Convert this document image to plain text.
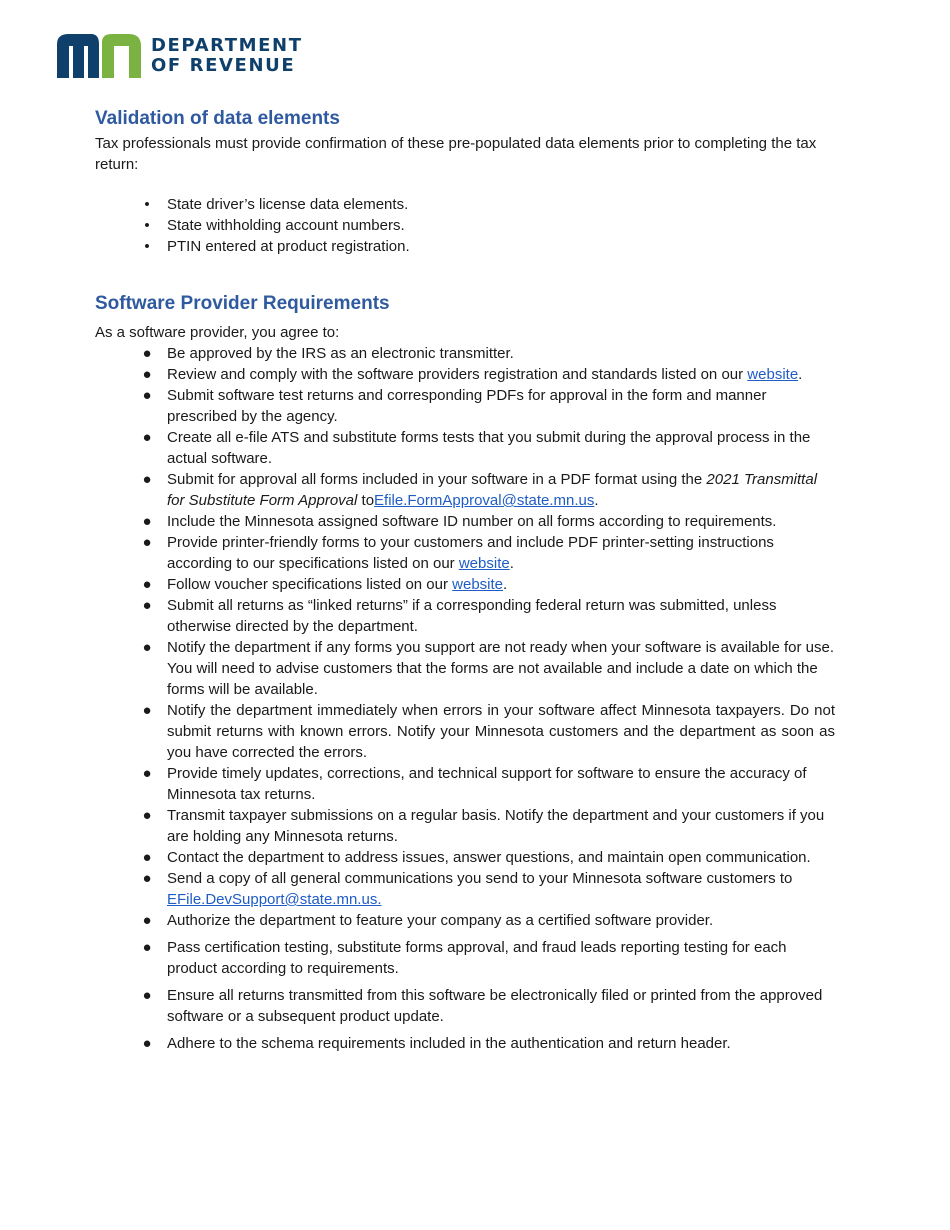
DEPARTMENT
OF REVENUE
Validation of data elements

Tax professionals must provide confirmation of these pre-populated data elements prior to completing the tax return:

• State driver’s license data elements.
• State withholding account numbers.
• PTIN entered at product registration.
Software Provider Requirements

As a software provider, you agree to:

● Be approved by the IRS as an electronic transmitter.
● Review and comply with the software providers registration and standards listed on our website.
● Submit software test returns and corresponding PDFs for approval in the form and manner prescribed by the agency.
● Create all e-file ATS and substitute forms tests that you submit during the approval process in the actual software.
● Submit for approval all forms included in your software in a PDF format using the 2021 Transmittal for Substitute Form Approval toEfile.FormApproval@state.mn.us.
● Include the Minnesota assigned software ID number on all forms according to requirements.
● Provide printer-friendly forms to your customers and include PDF printer-setting instructions according to our specifications listed on our website.
● Follow voucher specifications listed on our website.
● Submit all returns as “linked returns” if a corresponding federal return was submitted, unless otherwise directed by the department.
● Notify the department if any forms you support are not ready when your software is available for use. You will need to advise customers that the forms are not available and include a date on which the forms will be available.
● Notify the department immediately when errors in your software affect Minnesota taxpayers. Do not submit returns with known errors. Notify your Minnesota customers and the department as soon as you have corrected the errors.
● Provide timely updates, corrections, and technical support for software to ensure the accuracy of Minnesota tax returns.
● Transmit taxpayer submissions on a regular basis. Notify the department and your customers if you are holding any Minnesota returns.
● Contact the department to address issues, answer questions, and maintain open communication.
● Send a copy of all general communications you send to your Minnesota software customers to EFile.DevSupport@state.mn.us.
● Authorize the department to feature your company as a certified software provider.
● Pass certification testing, substitute forms approval, and fraud leads reporting testing for each product according to requirements.
● Ensure all returns transmitted from this software be electronically filed or printed from the approved software or a subsequent product update.
● Adhere to the schema requirements included in the authentication and return header.
